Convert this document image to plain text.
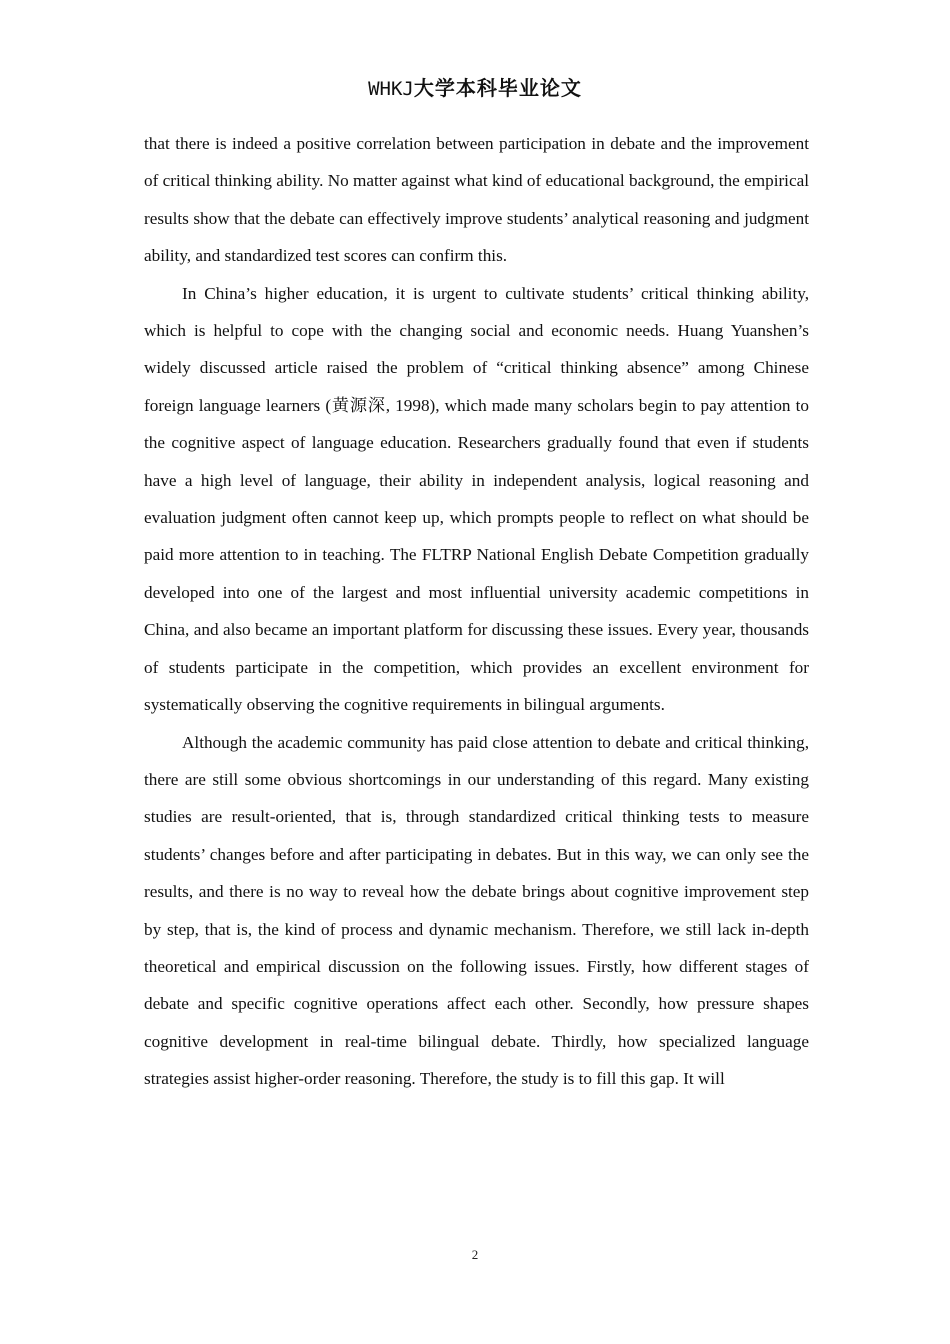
WHKJ大学本科毕业论文

that there is indeed a positive correlation between participation in debate and the improvement of critical thinking ability. No matter against what kind of educational background, the empirical results show that the debate can effectively improve students’ analytical reasoning and judgment ability, and standardized test scores can confirm this.

In China’s higher education, it is urgent to cultivate students’ critical thinking ability, which is helpful to cope with the changing social and economic needs. Huang Yuanshen’s widely discussed article raised the problem of “critical thinking absence” among Chinese foreign language learners (黄源深, 1998), which made many scholars begin to pay attention to the cognitive aspect of language education. Researchers gradually found that even if students have a high level of language, their ability in independent analysis, logical reasoning and evaluation judgment often cannot keep up, which prompts people to reflect on what should be paid more attention to in teaching. The FLTRP National English Debate Competition gradually developed into one of the largest and most influential university academic competitions in China, and also became an important platform for discussing these issues. Every year, thousands of students participate in the competition, which provides an excellent environment for systematically observing the cognitive requirements in bilingual arguments.

Although the academic community has paid close attention to debate and critical thinking, there are still some obvious shortcomings in our understanding of this regard. Many existing studies are result-oriented, that is, through standardized critical thinking tests to measure students’ changes before and after participating in debates. But in this way, we can only see the results, and there is no way to reveal how the debate brings about cognitive improvement step by step, that is, the kind of process and dynamic mechanism. Therefore, we still lack in-depth theoretical and empirical discussion on the following issues. Firstly, how different stages of debate and specific cognitive operations affect each other. Secondly, how pressure shapes cognitive development in real-time bilingual debate. Thirdly, how specialized language strategies assist higher-order reasoning. Therefore, the study is to fill this gap. It will

2
